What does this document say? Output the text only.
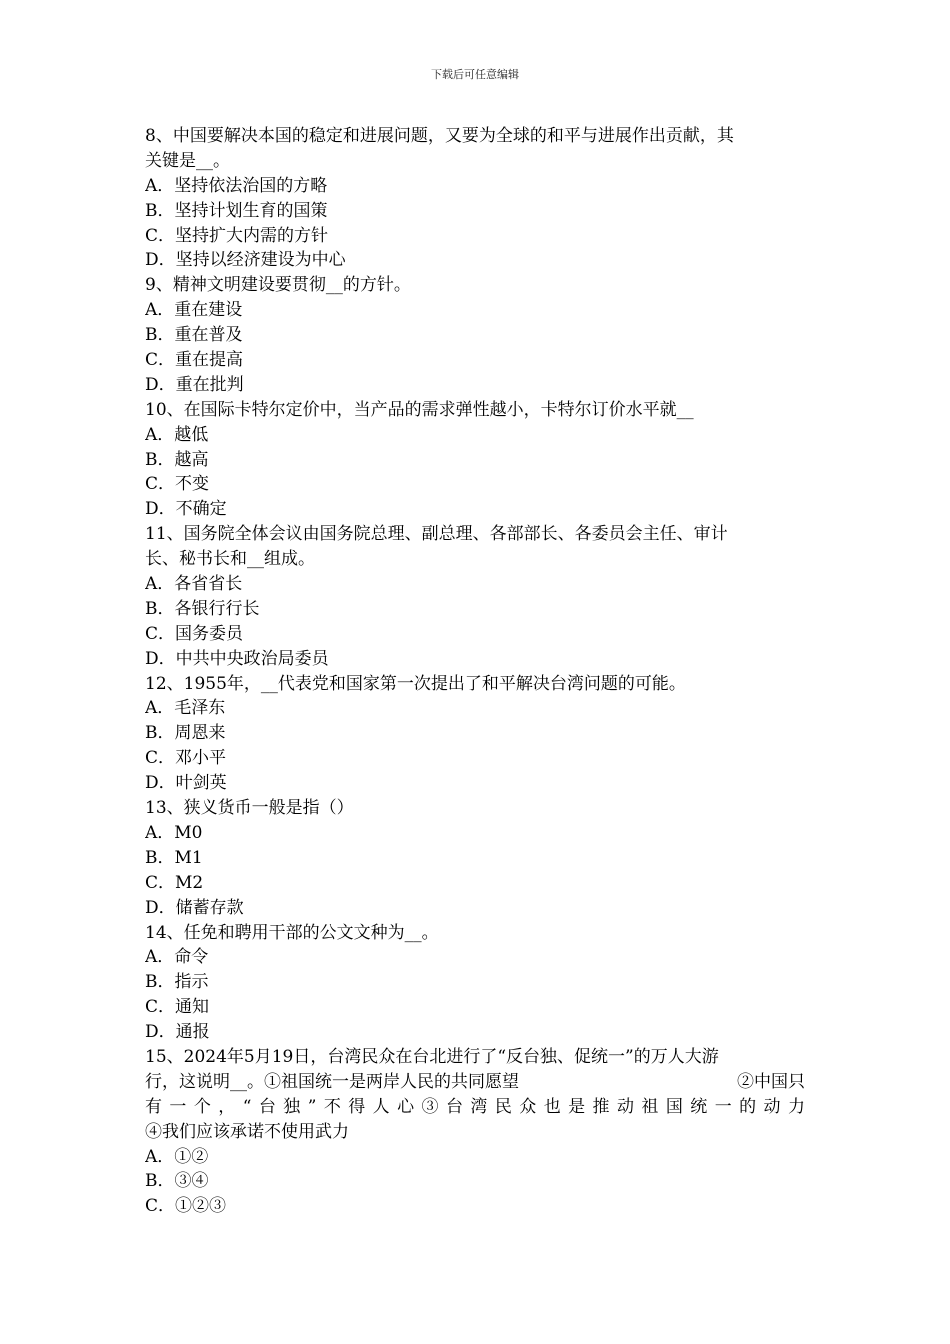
下载后可任意编辑
8、中国要解决本国的稳定和进展问题，又要为全球的和平与进展作出贡献，其
关键是__。
A．坚持依法治国的方略
B．坚持计划生育的国策
C．坚持扩大内需的方针
D．坚持以经济建设为中心
9、精神文明建设要贯彻__的方针。
A．重在建设
B．重在普及
C．重在提高
D．重在批判
10、在国际卡特尔定价中，当产品的需求弹性越小，卡特尔订价水平就__
A．越低
B．越高
C．不变
D．不确定
11、国务院全体会议由国务院总理、副总理、各部部长、各委员会主任、审计
长、秘书长和__组成。
A．各省省长
B．各银行行长
C．国务委员
D．中共中央政治局委员
12、1955年，__代表党和国家第一次提出了和平解决台湾问题的可能。
A．毛泽东
B．周恩来
C．邓小平
D．叶剑英
13、狭义货币一般是指（）
A．M0
B．M1
C．M2
D．储蓄存款
14、任免和聘用干部的公文文种为__。
A．命令
B．指示
C．通知
D．通报
15、2024年5月19日，台湾民众在台北进行了“反台独、促统一”的万人大游
行，这说明__。①祖国统一是两岸人民的共同愿望	②中国只
有一个，“台独”不得人心③台湾民众也是推动祖国统一的动力
④我们应该承诺不使用武力
A．①②
B．③④
C．①②③
